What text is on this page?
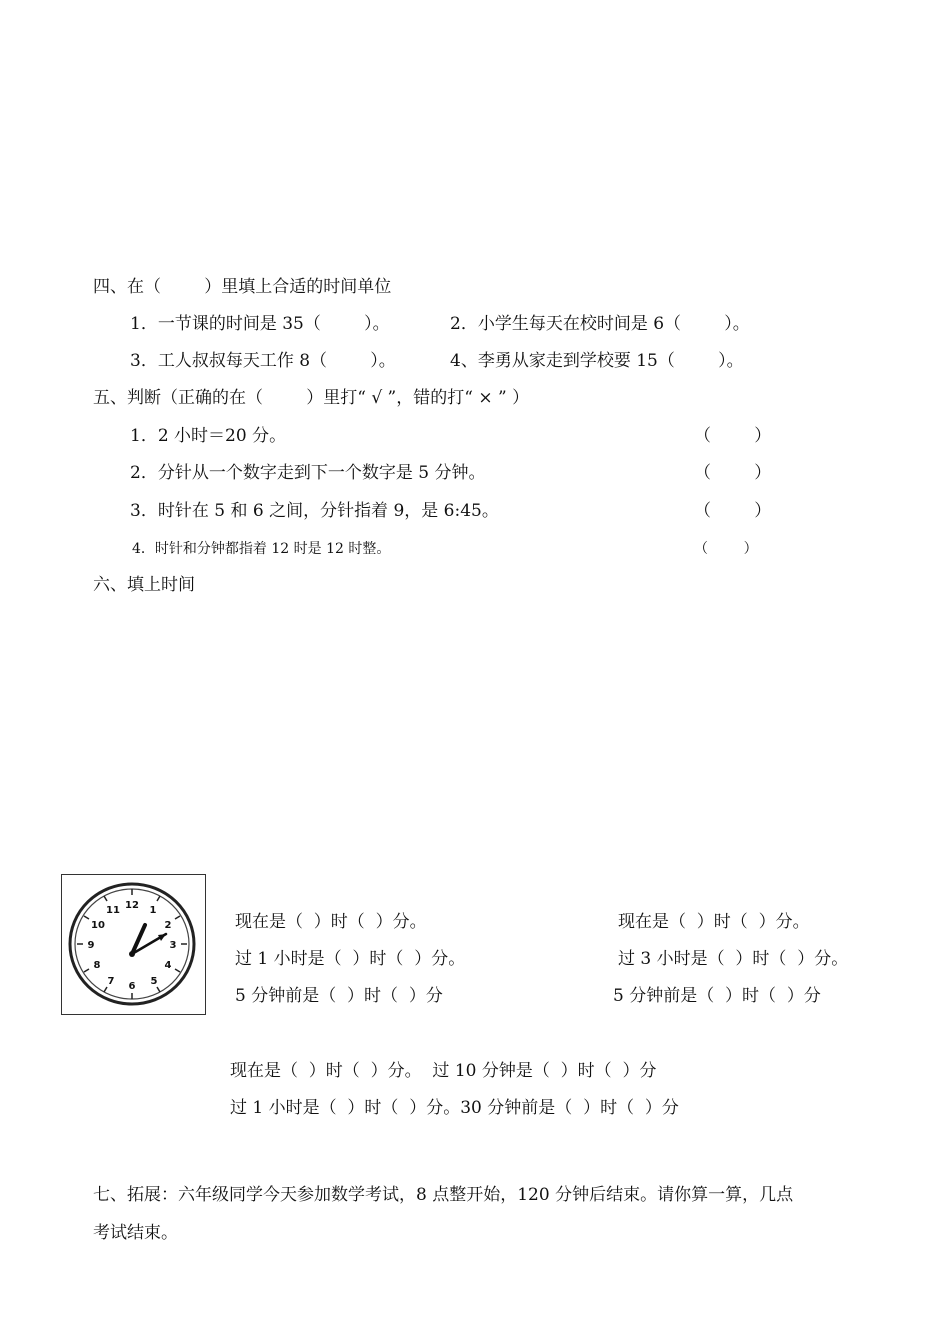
四、在（        ）里填上合适的时间单位
1．一节课的时间是 35（        ）。	2．小学生每天在校时间是 6（        ）。
3．工人叔叔每天工作 8（        ）。	4、李勇从家走到学校要 15（        ）。
五、判断（正确的在（        ）里打“ √ ”，错的打“ × ” ）
1．2 小时＝20 分。	（        ）
2．分针从一个数字走到下一个数字是 5 分钟。	（        ）
3．时针在 5 和 6 之间，分针指着 9，是 6:45。	（        ）
4．时针和分钟都指着 12 时是 12 时整。	（        ）
六、填上时间
12 1
2
3
4
5
6
7
8
9
10
11
现在是（  ）时（  ）分。
过 1 小时是（  ）时（  ）分。
5 分钟前是（  ）时（  ）分
现在是（  ）时（  ）分。
过 3 小时是（  ）时（  ）分。
5 分钟前是（  ）时（  ）分
现在是（  ）时（  ）分。  过 10 分钟是（  ）时（  ）分
过 1 小时是（  ）时（  ）分。30 分钟前是（  ）时（  ）分
七、拓展：六年级同学今天参加数学考试，8 点整开始，120 分钟后结束。请你算一算，几点
考试结束。
